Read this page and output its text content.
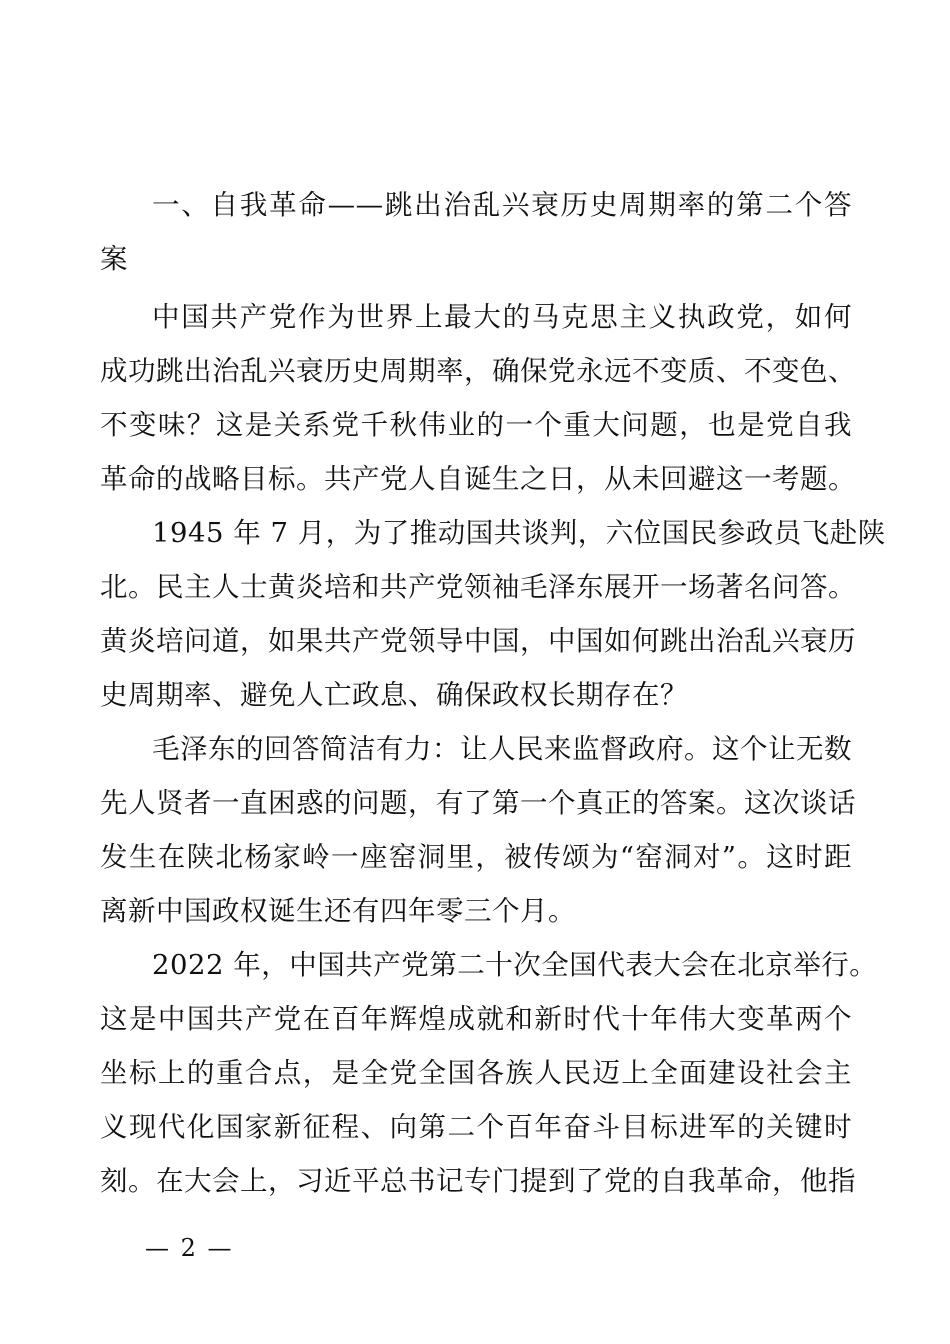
一、自我革命——跳出治乱兴衰历史周期率的第二个答
案
中国共产党作为世界上最大的马克思主义执政党，如何
成功跳出治乱兴衰历史周期率，确保党永远不变质、不变色、
不变味？这是关系党千秋伟业的一个重大问题，也是党自我
革命的战略目标。共产党人自诞生之日，从未回避这一考题。
1945 年 7 月，为了推动国共谈判，六位国民参政员飞赴陕
北。民主人士黄炎培和共产党领袖毛泽东展开一场著名问答。
黄炎培问道，如果共产党领导中国，中国如何跳出治乱兴衰历
史周期率、避免人亡政息、确保政权长期存在？
毛泽东的回答简洁有力：让人民来监督政府。这个让无数
先人贤者一直困惑的问题，有了第一个真正的答案。这次谈话
发生在陕北杨家岭一座窑洞里，被传颂为“窑洞对”。这时距
离新中国政权诞生还有四年零三个月。
2022 年，中国共产党第二十次全国代表大会在北京举行。
这是中国共产党在百年辉煌成就和新时代十年伟大变革两个
坐标上的重合点，是全党全国各族人民迈上全面建设社会主
义现代化国家新征程、向第二个百年奋斗目标进军的关键时
刻。在大会上，习近平总书记专门提到了党的自我革命，他指
— 2 —
